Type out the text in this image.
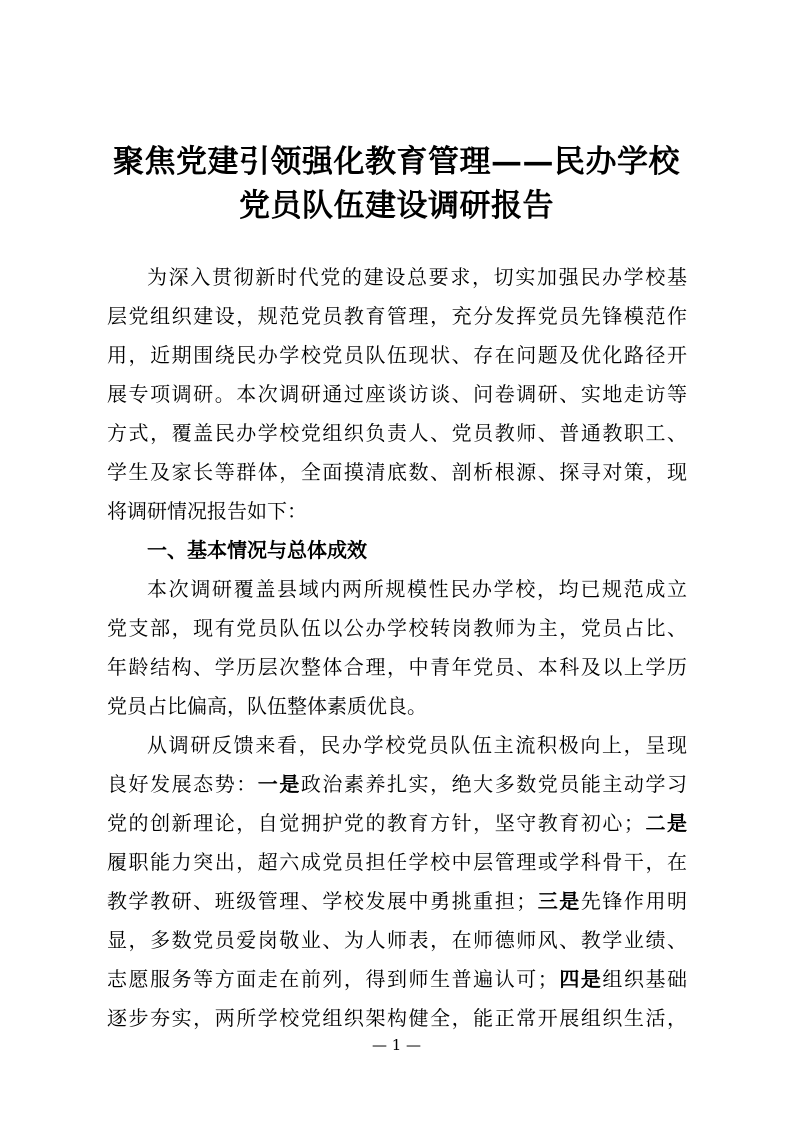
聚焦党建引领强化教育管理——民办学校
党员队伍建设调研报告
为深入贯彻新时代党的建设总要求，切实加强民办学校基
层党组织建设，规范党员教育管理，充分发挥党员先锋模范作
用，近期围绕民办学校党员队伍现状、存在问题及优化路径开
展专项调研。本次调研通过座谈访谈、问卷调研、实地走访等
方式，覆盖民办学校党组织负责人、党员教师、普通教职工、
学生及家长等群体，全面摸清底数、剖析根源、探寻对策，现
将调研情况报告如下：
一、基本情况与总体成效
本次调研覆盖县域内两所规模性民办学校，均已规范成立
党支部，现有党员队伍以公办学校转岗教师为主，党员占比、
年龄结构、学历层次整体合理，中青年党员、本科及以上学历
党员占比偏高，队伍整体素质优良。
从调研反馈来看，民办学校党员队伍主流积极向上，呈现
良好发展态势：一是政治素养扎实，绝大多数党员能主动学习
党的创新理论，自觉拥护党的教育方针，坚守教育初心；二是
履职能力突出，超六成党员担任学校中层管理或学科骨干，在
教学教研、班级管理、学校发展中勇挑重担；三是先锋作用明
显，多数党员爱岗敬业、为人师表，在师德师风、教学业绩、
志愿服务等方面走在前列，得到师生普遍认可；四是组织基础
逐步夯实，两所学校党组织架构健全，能正常开展组织生活，
— 1 —
